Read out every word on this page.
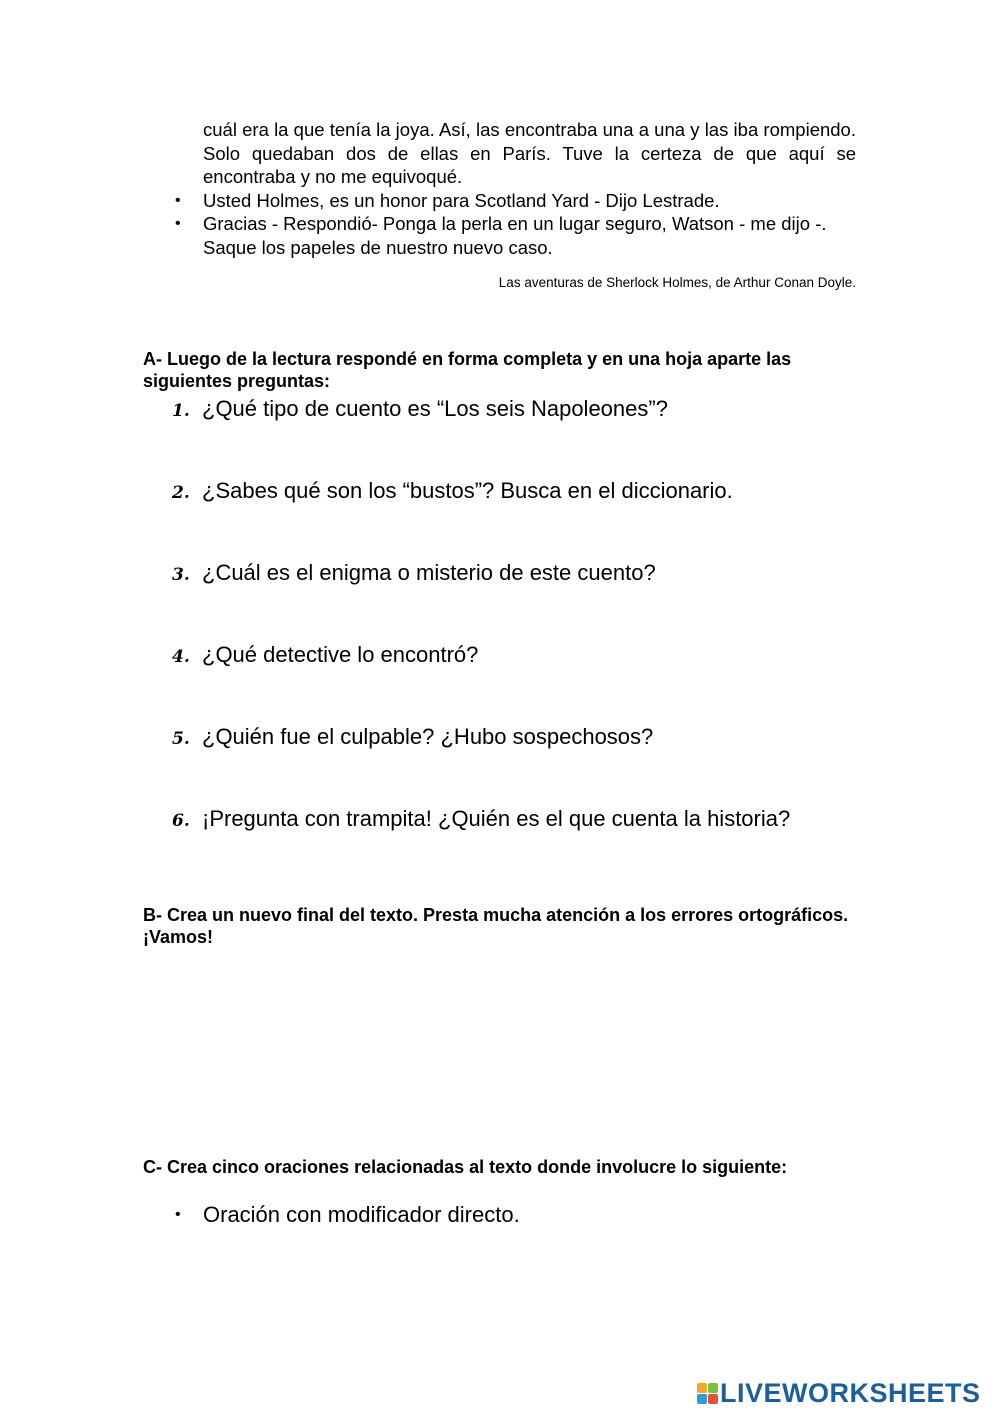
cuál era la que tenía la joya. Así, las encontraba una a una y las iba rompiendo. Solo quedaban dos de ellas en París. Tuve la certeza de que aquí se encontraba y no me equivoqué.

• Usted Holmes, es un honor para Scotland Yard - Dijo Lestrade.
• Gracias - Respondió- Ponga la perla en un lugar seguro, Watson - me dijo -. Saque los papeles de nuestro nuevo caso.
Las aventuras de Sherlock Holmes, de Arthur Conan Doyle.
A- Luego de la lectura respondé en forma completa y en una hoja aparte las siguientes preguntas:
1. ¿Qué tipo de cuento es “Los seis Napoleones”?
2. ¿Sabes qué son los “bustos”? Busca en el diccionario.
3. ¿Cuál es el enigma o misterio de este cuento?
4. ¿Qué detective lo encontró?
5. ¿Quién fue el culpable? ¿Hubo sospechosos?
6. ¡Pregunta con trampita! ¿Quién es el que cuenta la historia?
B- Crea un nuevo final del texto. Presta mucha atención a los errores ortográficos. ¡Vamos!
C- Crea cinco oraciones relacionadas al texto donde involucre lo siguiente:
• Oración con modificador directo.
LIVEWORKSHEETS
